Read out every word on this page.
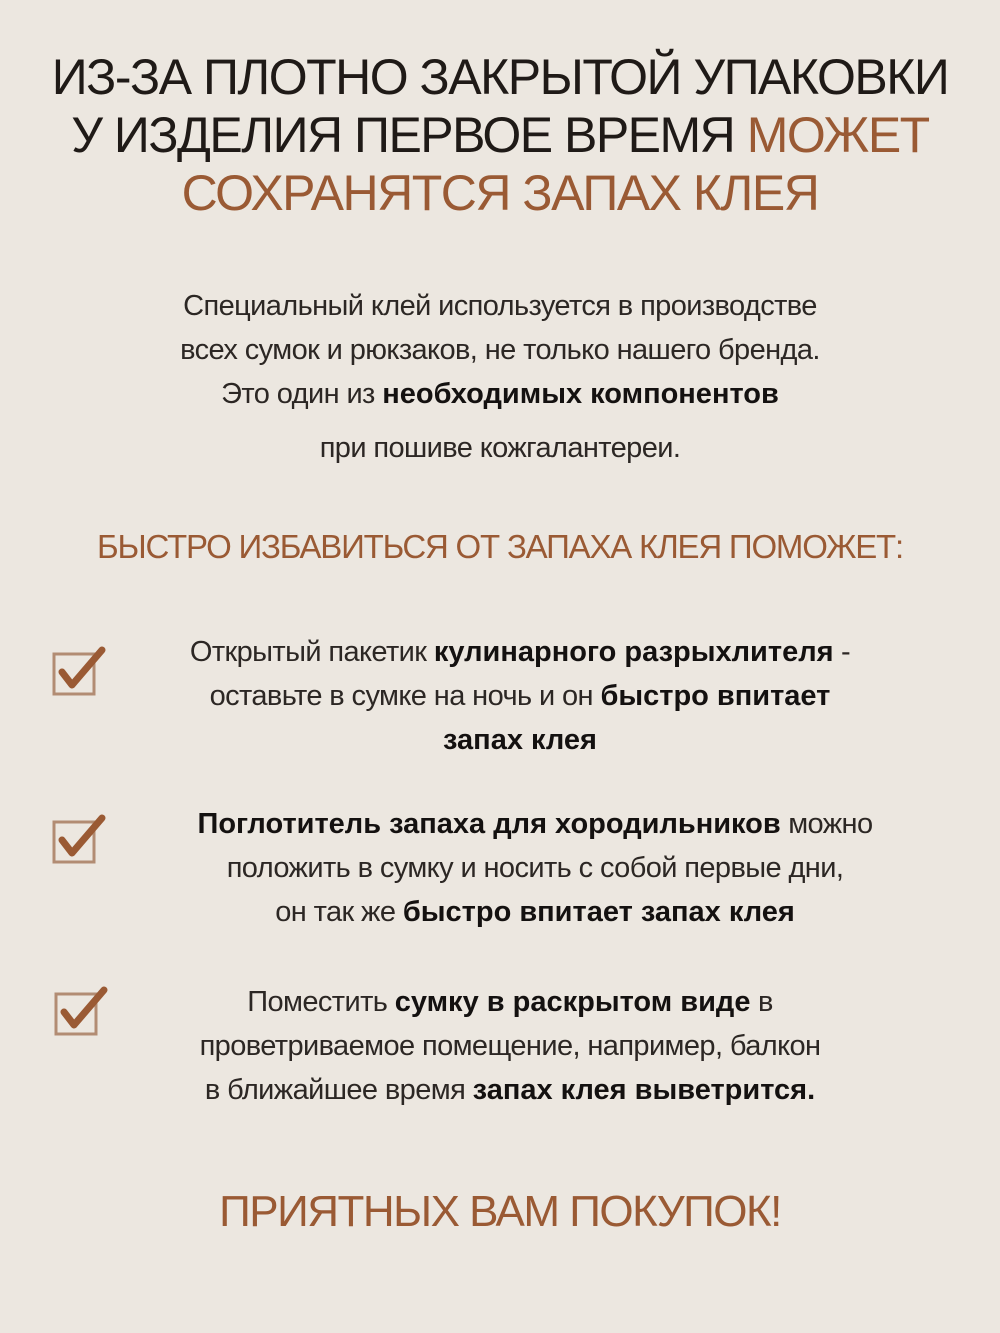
ИЗ-ЗА ПЛОТНО ЗАКРЫТОЙ УПАКОВКИ
У ИЗДЕЛИЯ ПЕРВОЕ ВРЕМЯ МОЖЕТ
СОХРАНЯТСЯ ЗАПАХ КЛЕЯ
Специальный клей используется в производстве
всех сумок и рюкзаков, не только нашего бренда.
Это один из необходимых компонентов
при пошиве кожгалантереи.
БЫСТРО ИЗБАВИТЬСЯ ОТ ЗАПАХА КЛЕЯ ПОМОЖЕТ:
Открытый пакетик кулинарного разрыхлителя -
оставьте в сумке на ночь и он быстро впитает
запах клея
Поглотитель запаха для хородильников можно
положить в сумку и носить с собой первые дни,
он так же быстро впитает запах клея
Поместить сумку в раскрытом виде в
проветриваемое помещение, например, балкон
в ближайшее время запах клея выветрится.
ПРИЯТНЫХ ВАМ ПОКУПОК!
